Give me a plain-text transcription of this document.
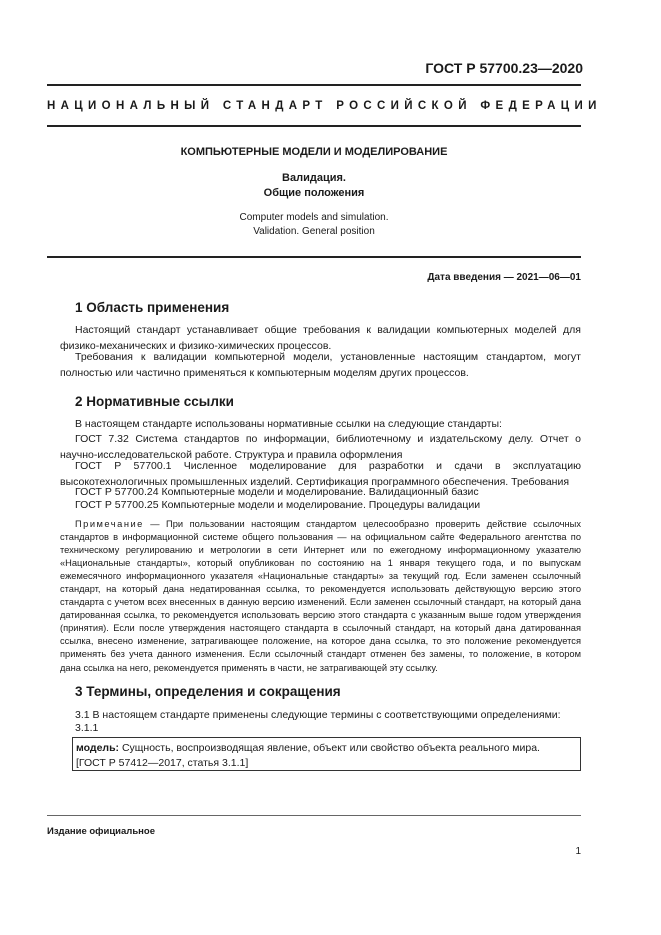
ГОСТ Р 57700.23—2020
НАЦИОНАЛЬНЫЙ СТАНДАРТ РОССИЙСКОЙ ФЕДЕРАЦИИ
КОМПЬЮТЕРНЫЕ МОДЕЛИ И МОДЕЛИРОВАНИЕ
Валидация.
Общие положения
Computer models and simulation.
Validation. General position
Дата введения — 2021—06—01
1 Область применения
Настоящий стандарт устанавливает общие требования к валидации компьютерных моделей для физико-механических и физико-химических процессов.
Требования к валидации компьютерной модели, установленные настоящим стандартом, могут полностью или частично применяться к компьютерным моделям других процессов.
2 Нормативные ссылки
В настоящем стандарте использованы нормативные ссылки на следующие стандарты:
ГОСТ 7.32 Система стандартов по информации, библиотечному и издательскому делу. Отчет о научно-исследовательской работе. Структура и правила оформления
ГОСТ Р 57700.1 Численное моделирование для разработки и сдачи в эксплуатацию высокотехнологичных промышленных изделий. Сертификация программного обеспечения. Требования
ГОСТ Р 57700.24 Компьютерные модели и моделирование. Валидационный базис
ГОСТ Р 57700.25 Компьютерные модели и моделирование. Процедуры валидации
Примечание — При пользовании настоящим стандартом целесообразно проверить действие ссылочных стандартов в информационной системе общего пользования — на официальном сайте Федерального агентства по техническому регулированию и метрологии в сети Интернет или по ежегодному информационному указателю «Национальные стандарты», который опубликован по состоянию на 1 января текущего года, и по выпускам ежемесячного информационного указателя «Национальные стандарты» за текущий год. Если заменен ссылочный стандарт, на который дана недатированная ссылка, то рекомендуется использовать действующую версию этого стандарта с учетом всех внесенных в данную версию изменений. Если заменен ссылочный стандарт, на который дана датированная ссылка, то рекомендуется использовать версию этого стандарта с указанным выше годом утверждения (принятия). Если после утверждения настоящего стандарта в ссылочный стандарт, на который дана датированная ссылка, внесено изменение, затрагивающее положение, на которое дана ссылка, то это положение рекомендуется применять без учета данного изменения. Если ссылочный стандарт отменен без замены, то положение, в котором дана ссылка на него, рекомендуется применять в части, не затрагивающей эту ссылку.
3 Термины, определения и сокращения
3.1 В настоящем стандарте применены следующие термины с соответствующими определениями:
3.1.1
модель: Сущность, воспроизводящая явление, объект или свойство объекта реального мира.
[ГОСТ Р 57412—2017, статья 3.1.1]
Издание официальное
1
